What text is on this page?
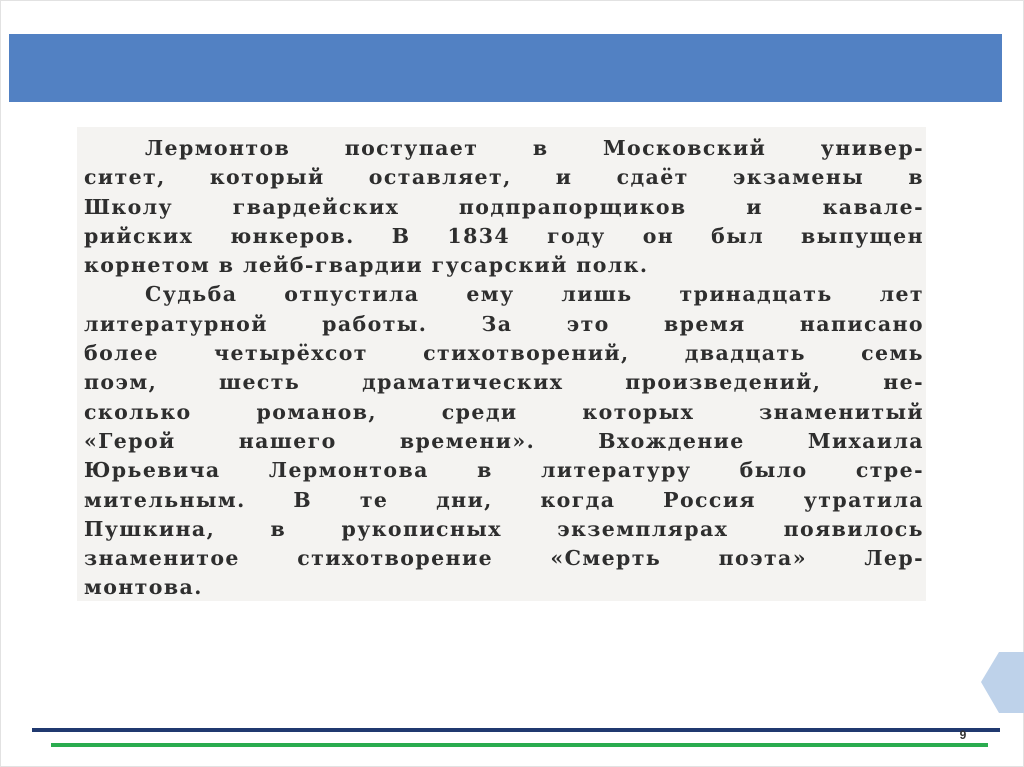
Лермонтов поступает в Московский универ-
ситет, который оставляет, и сдаёт экзамены в
Школу гвардейских подпрапорщиков и кавале-
рийских юнкеров. В 1834 году он был выпущен
корнетом в лейб-гвардии гусарский полк.

Судьба отпустила ему лишь тринадцать лет
литературной работы. За это время написано
более четырёхсот стихотворений, двадцать семь
поэм, шесть драматических произведений, не-
сколько романов, среди которых знаменитый
«Герой нашего времени». Вхождение Михаила
Юрьевича Лермонтова в литературу было стре-
мительным. В те дни, когда Россия утратила
Пушкина, в рукописных экземплярах появилось
знаменитое стихотворение «Смерть поэта» Лер-
монтова.

9
